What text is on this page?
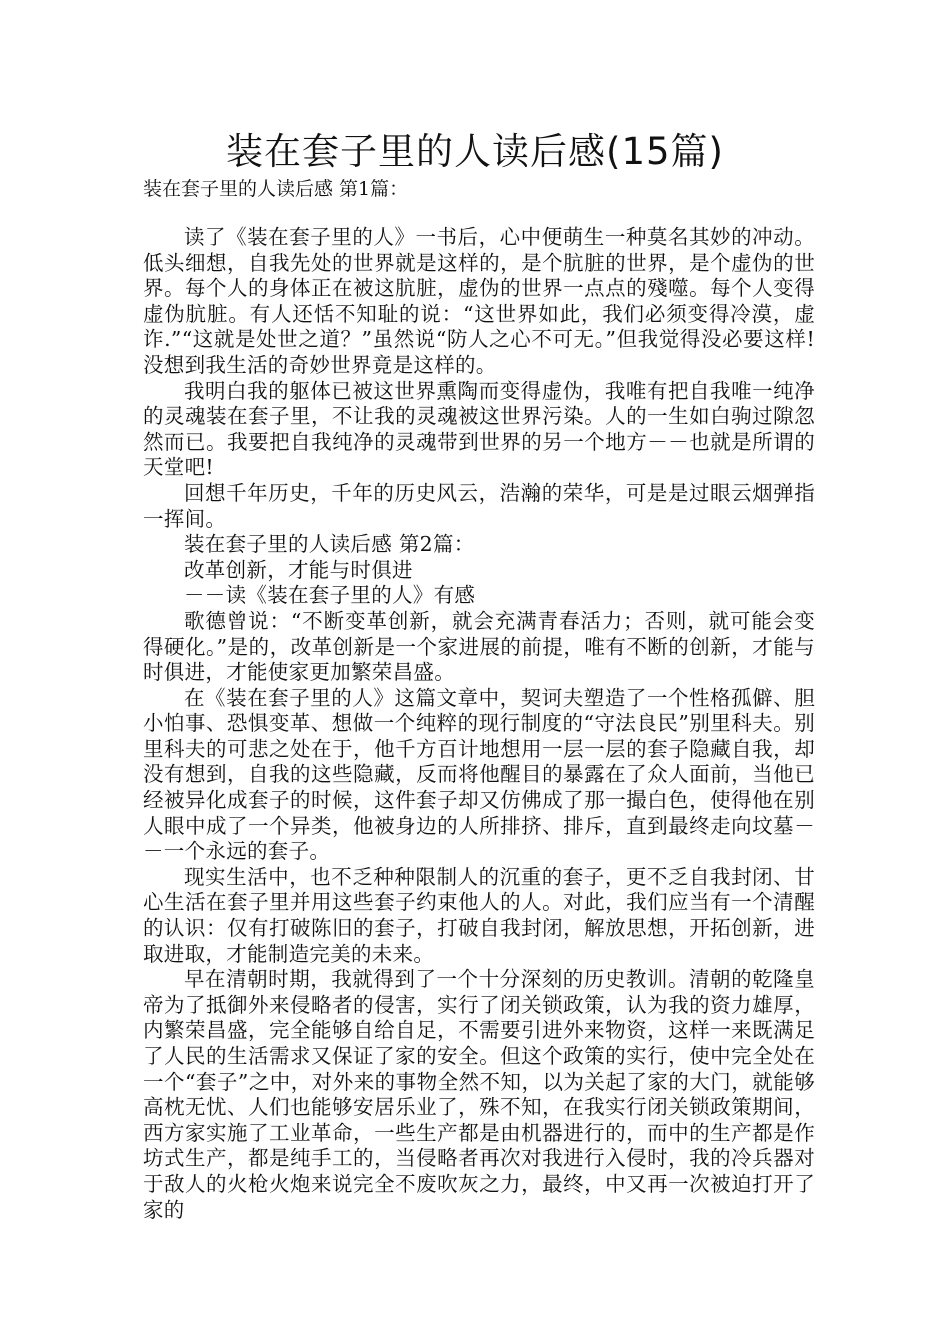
装在套子里的人读后感(15篇)
装在套子里的人读后感 第1篇：

读了《装在套子里的人》一书后，心中便萌生一种莫名其妙的冲动。低头细想，自我先处的世界就是这样的，是个肮脏的世界，是个虚伪的世界。每个人的身体正在被这肮脏，虚伪的世界一点点的殘噬。每个人变得虚伪肮脏。有人还恬不知耻的说：“这世界如此，我们必须变得冷漠，虚诈.”“这就是处世之道？”虽然说“防人之心不可无。”但我觉得没必要这样!没想到我生活的奇妙世界竟是这样的。

我明白我的躯体已被这世界熏陶而变得虚伪，我唯有把自我唯一纯净的灵魂装在套子里，不让我的灵魂被这世界污染。人的一生如白驹过隙忽然而已。我要把自我纯净的灵魂带到世界的另一个地方－－也就是所谓的天堂吧!

回想千年历史，千年的历史风云，浩瀚的荣华，可是是过眼云烟弹指一挥间。

装在套子里的人读后感 第2篇：

改革创新，才能与时俱进

－－读《装在套子里的人》有感

歌德曾说：“不断变革创新，就会充满青春活力；否则，就可能会变得硬化。”是的，改革创新是一个家进展的前提，唯有不断的创新，才能与时俱进，才能使家更加繁荣昌盛。

在《装在套子里的人》这篇文章中，契诃夫塑造了一个性格孤僻、胆小怕事、恐惧变革、想做一个纯粹的现行制度的“守法良民”别里科夫。别里科夫的可悲之处在于，他千方百计地想用一层一层的套子隐藏自我，却没有想到，自我的这些隐藏，反而将他醒目的暴露在了众人面前，当他已经被异化成套子的时候，这件套子却又仿佛成了那一撮白色，使得他在别人眼中成了一个异类，他被身边的人所排挤、排斥，直到最终走向坟墓－－一个永远的套子。

现实生活中，也不乏种种限制人的沉重的套子，更不乏自我封闭、甘心生活在套子里并用这些套子约束他人的人。对此，我们应当有一个清醒的认识：仅有打破陈旧的套子，打破自我封闭，解放思想，开拓创新，进取进取，才能制造完美的未来。

早在清朝时期，我就得到了一个十分深刻的历史教训。清朝的乾隆皇帝为了抵御外来侵略者的侵害，实行了闭关锁政策，认为我的资力雄厚，内繁荣昌盛，完全能够自给自足，不需要引进外来物资，这样一来既满足了人民的生活需求又保证了家的安全。但这个政策的实行，使中完全处在一个“套子”之中，对外来的事物全然不知，以为关起了家的大门，就能够高枕无忧、人们也能够安居乐业了，殊不知，在我实行闭关锁政策期间，西方家实施了工业革命，一些生产都是由机器进行的，而中的生产都是作坊式生产，都是纯手工的，当侵略者再次对我进行入侵时，我的冷兵器对于敌人的火枪火炮来说完全不废吹灰之力，最终，中又再一次被迫打开了家的
